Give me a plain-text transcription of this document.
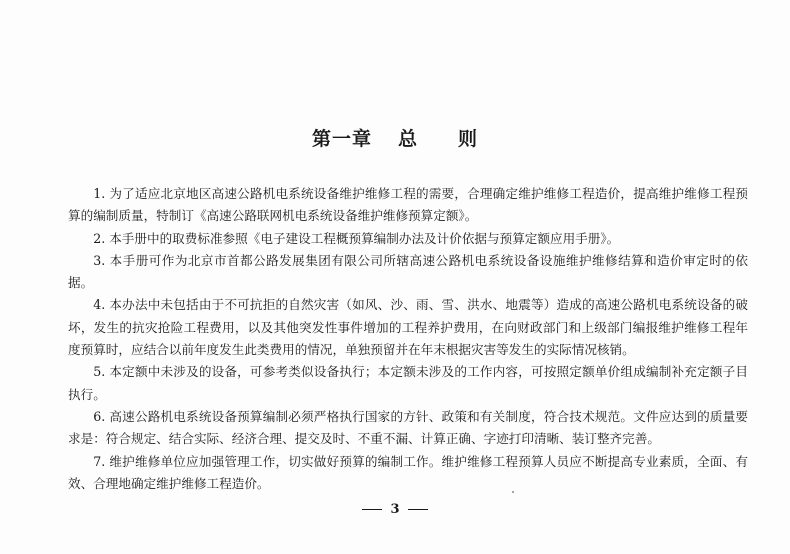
第一章 总 则

1. 为了适应北京地区高速公路机电系统设备维护维修工程的需要，合理确定维护维修工程造价，提高维护维修工程预算的编制质量，特制订《高速公路联网机电系统设备维护维修预算定额》。

2. 本手册中的取费标准参照《电子建设工程概预算编制办法及计价依据与预算定额应用手册》。

3. 本手册可作为北京市首都公路发展集团有限公司所辖高速公路机电系统设备设施维护维修结算和造价审定时的依据。

4. 本办法中未包括由于不可抗拒的自然灾害（如风、沙、雨、雪、洪水、地震等）造成的高速公路机电系统设备的破坏，发生的抗灾抢险工程费用，以及其他突发性事件增加的工程养护费用，在向财政部门和上级部门编报维护维修工程年度预算时，应结合以前年度发生此类费用的情况，单独预留并在年末根据灾害等发生的实际情况核销。

5. 本定额中未涉及的设备，可参考类似设备执行；本定额未涉及的工作内容，可按照定额单价组成编制补充定额子目执行。

6. 高速公路机电系统设备预算编制必须严格执行国家的方针、政策和有关制度，符合技术规范。文件应达到的质量要求是：符合规定、结合实际、经济合理、提交及时、不重不漏、计算正确、字迹打印清晰、装订整齐完善。

7. 维护维修单位应加强管理工作，切实做好预算的编制工作。维护维修工程预算人员应不断提高专业素质，全面、有效、合理地确定维护维修工程造价。

3
